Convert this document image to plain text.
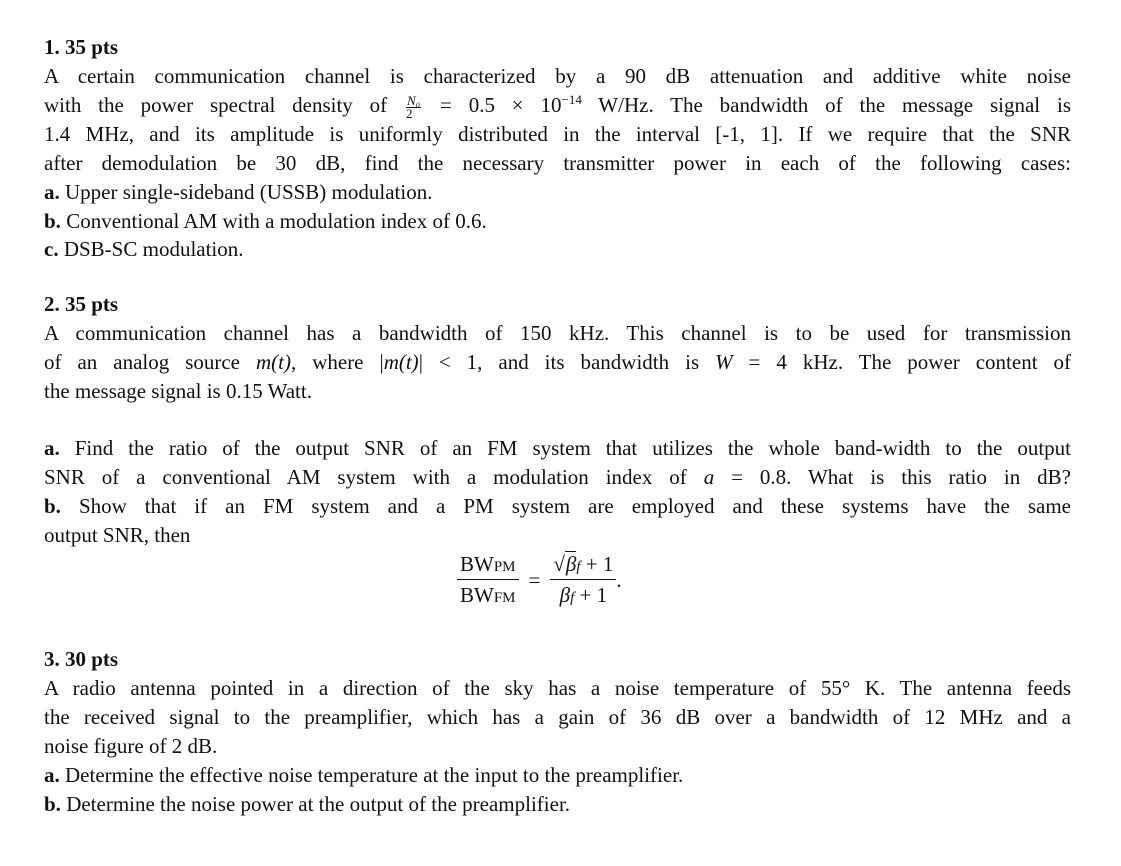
1. 35 pts
A certain communication channel is characterized by a 90 dB attenuation and additive white noise
with the power spectral density of $\frac{\text{N₀}}{2} = 0.5 \times 10^{-14}$ W/Hz. The bandwidth of the message signal is
1.4 MHz, and its amplitude is uniformly distributed in the interval [-1, 1]. If we require that the SNR
after demodulation be 30 dB, find the necessary transmitter power in each of the following cases:
a. Upper single-sideband (USSB) modulation.
b. Conventional AM with a modulation index of 0.6.
c. DSB-SC modulation.
2. 35 pts
A communication channel has a bandwidth of 150 kHz. This channel is to be used for transmission
of an analog source m(t), where |m(t)| < 1, and its bandwidth is W = 4 kHz. The power content of
the message signal is 0.15 Watt.
a. Find the ratio of the output SNR of an FM system that utilizes the whole band-width to the output
SNR of a conventional AM system with a modulation index of a = 0.8. What is this ratio in dB?
b. Show that if an FM system and a PM system are employed and these systems have the same
output SNR, then
BWPM
BWFM
= $\frac{√\beta f + 1}{\beta f + 1}$ .
3. 30 pts
A radio antenna pointed in a direction of the sky has a noise temperature of 55° K. The antenna feeds
the received signal to the preamplifier, which has a gain of 36 dB over a bandwidth of 12 MHz and a
noise figure of 2 dB.
a. Determine the effective noise temperature at the input to the preamplifier.
b. Determine the noise power at the output of the preamplifier.
